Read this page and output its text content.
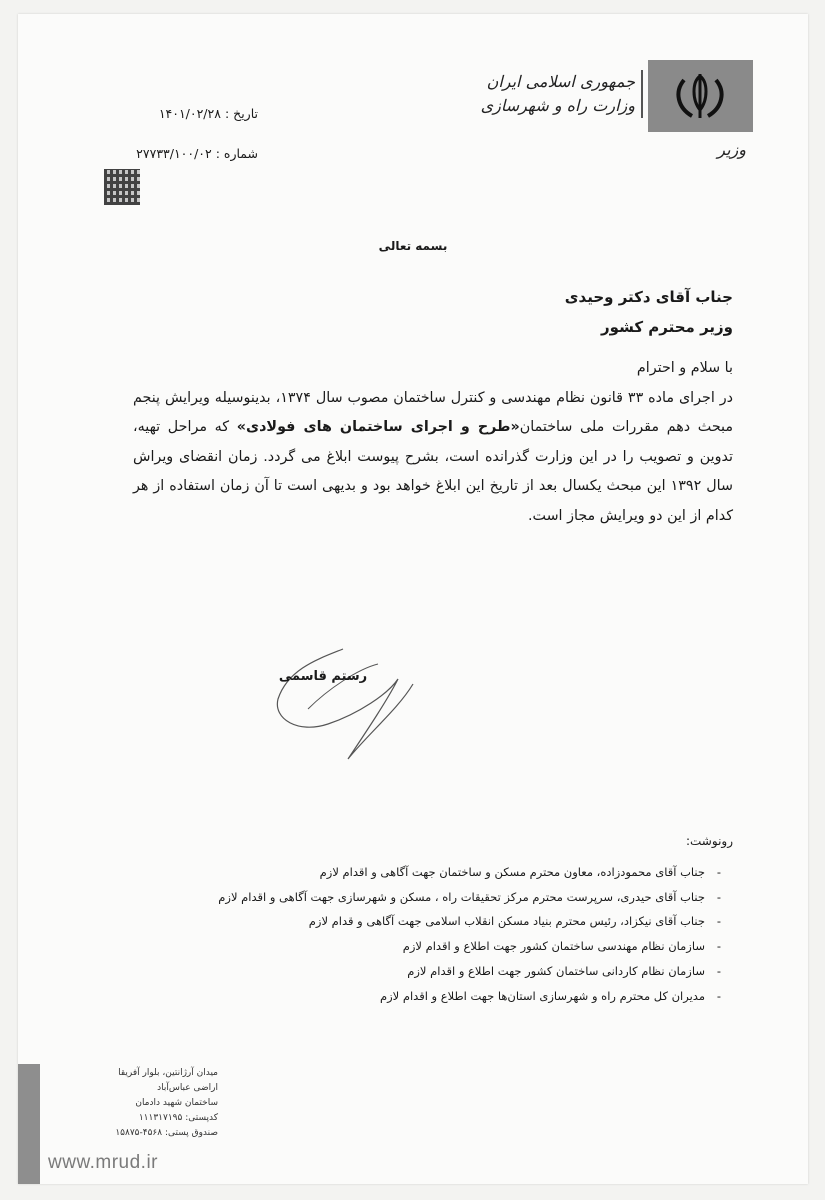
جمهوری اسلامی ایران
وزارت راه و شهرسازی
وزیر
تاریخ : ۱۴۰۱/۰۲/۲۸
شماره : ۲۷۷۳۳/۱۰۰/۰۲
بسمه تعالی
جناب آقای دکتر وحیدی
وزیر محترم کشور

با سلام و احترام

در اجرای ماده ۳۳ قانون نظام مهندسی و کنترل ساختمان مصوب سال ۱۳۷۴، بدینوسیله ویرایش پنجم مبحث دهم مقررات ملی ساختمان«طرح و اجرای ساختمان های فولادی» که مراحل تهیه، تدوین و تصویب را در این وزارت گذرانده است، بشرح پیوست ابلاغ می گردد. زمان انقضای ویراش سال ۱۳۹۲ این مبحث یکسال بعد از تاریخ این ابلاغ خواهد بود و بدیهی است تا آن زمان استفاده از هر کدام از این دو ویرایش مجاز است.

رستم قاسمی
رونوشت:
-جناب آقای محمودزاده، معاون محترم مسکن و ساختمان جهت آگاهی و اقدام لازم
-جناب آقای حیدری، سرپرست محترم مرکز تحقیقات راه ، مسکن و شهرسازی جهت آگاهی و اقدام لازم
-جناب آقای نیکزاد، رئیس محترم بنیاد مسکن انقلاب اسلامی جهت آگاهی و قدام لازم
-سازمان نظام مهندسی ساختمان کشور جهت اطلاع و اقدام لازم
-سازمان نظام کاردانی ساختمان کشور جهت اطلاع و اقدام لازم
-مدیران کل محترم راه و شهرسازی استان‌ها جهت اطلاع و اقدام لازم
میدان آرژانتین، بلوار آفریقا
اراضی عباس‌آباد
ساختمان شهید دادمان
کدپستی: ۱۱۱۳۱۷۱۹۵
صندوق پستی: ۴۵۶۸-۱۵۸۷۵
www.mrud.ir
